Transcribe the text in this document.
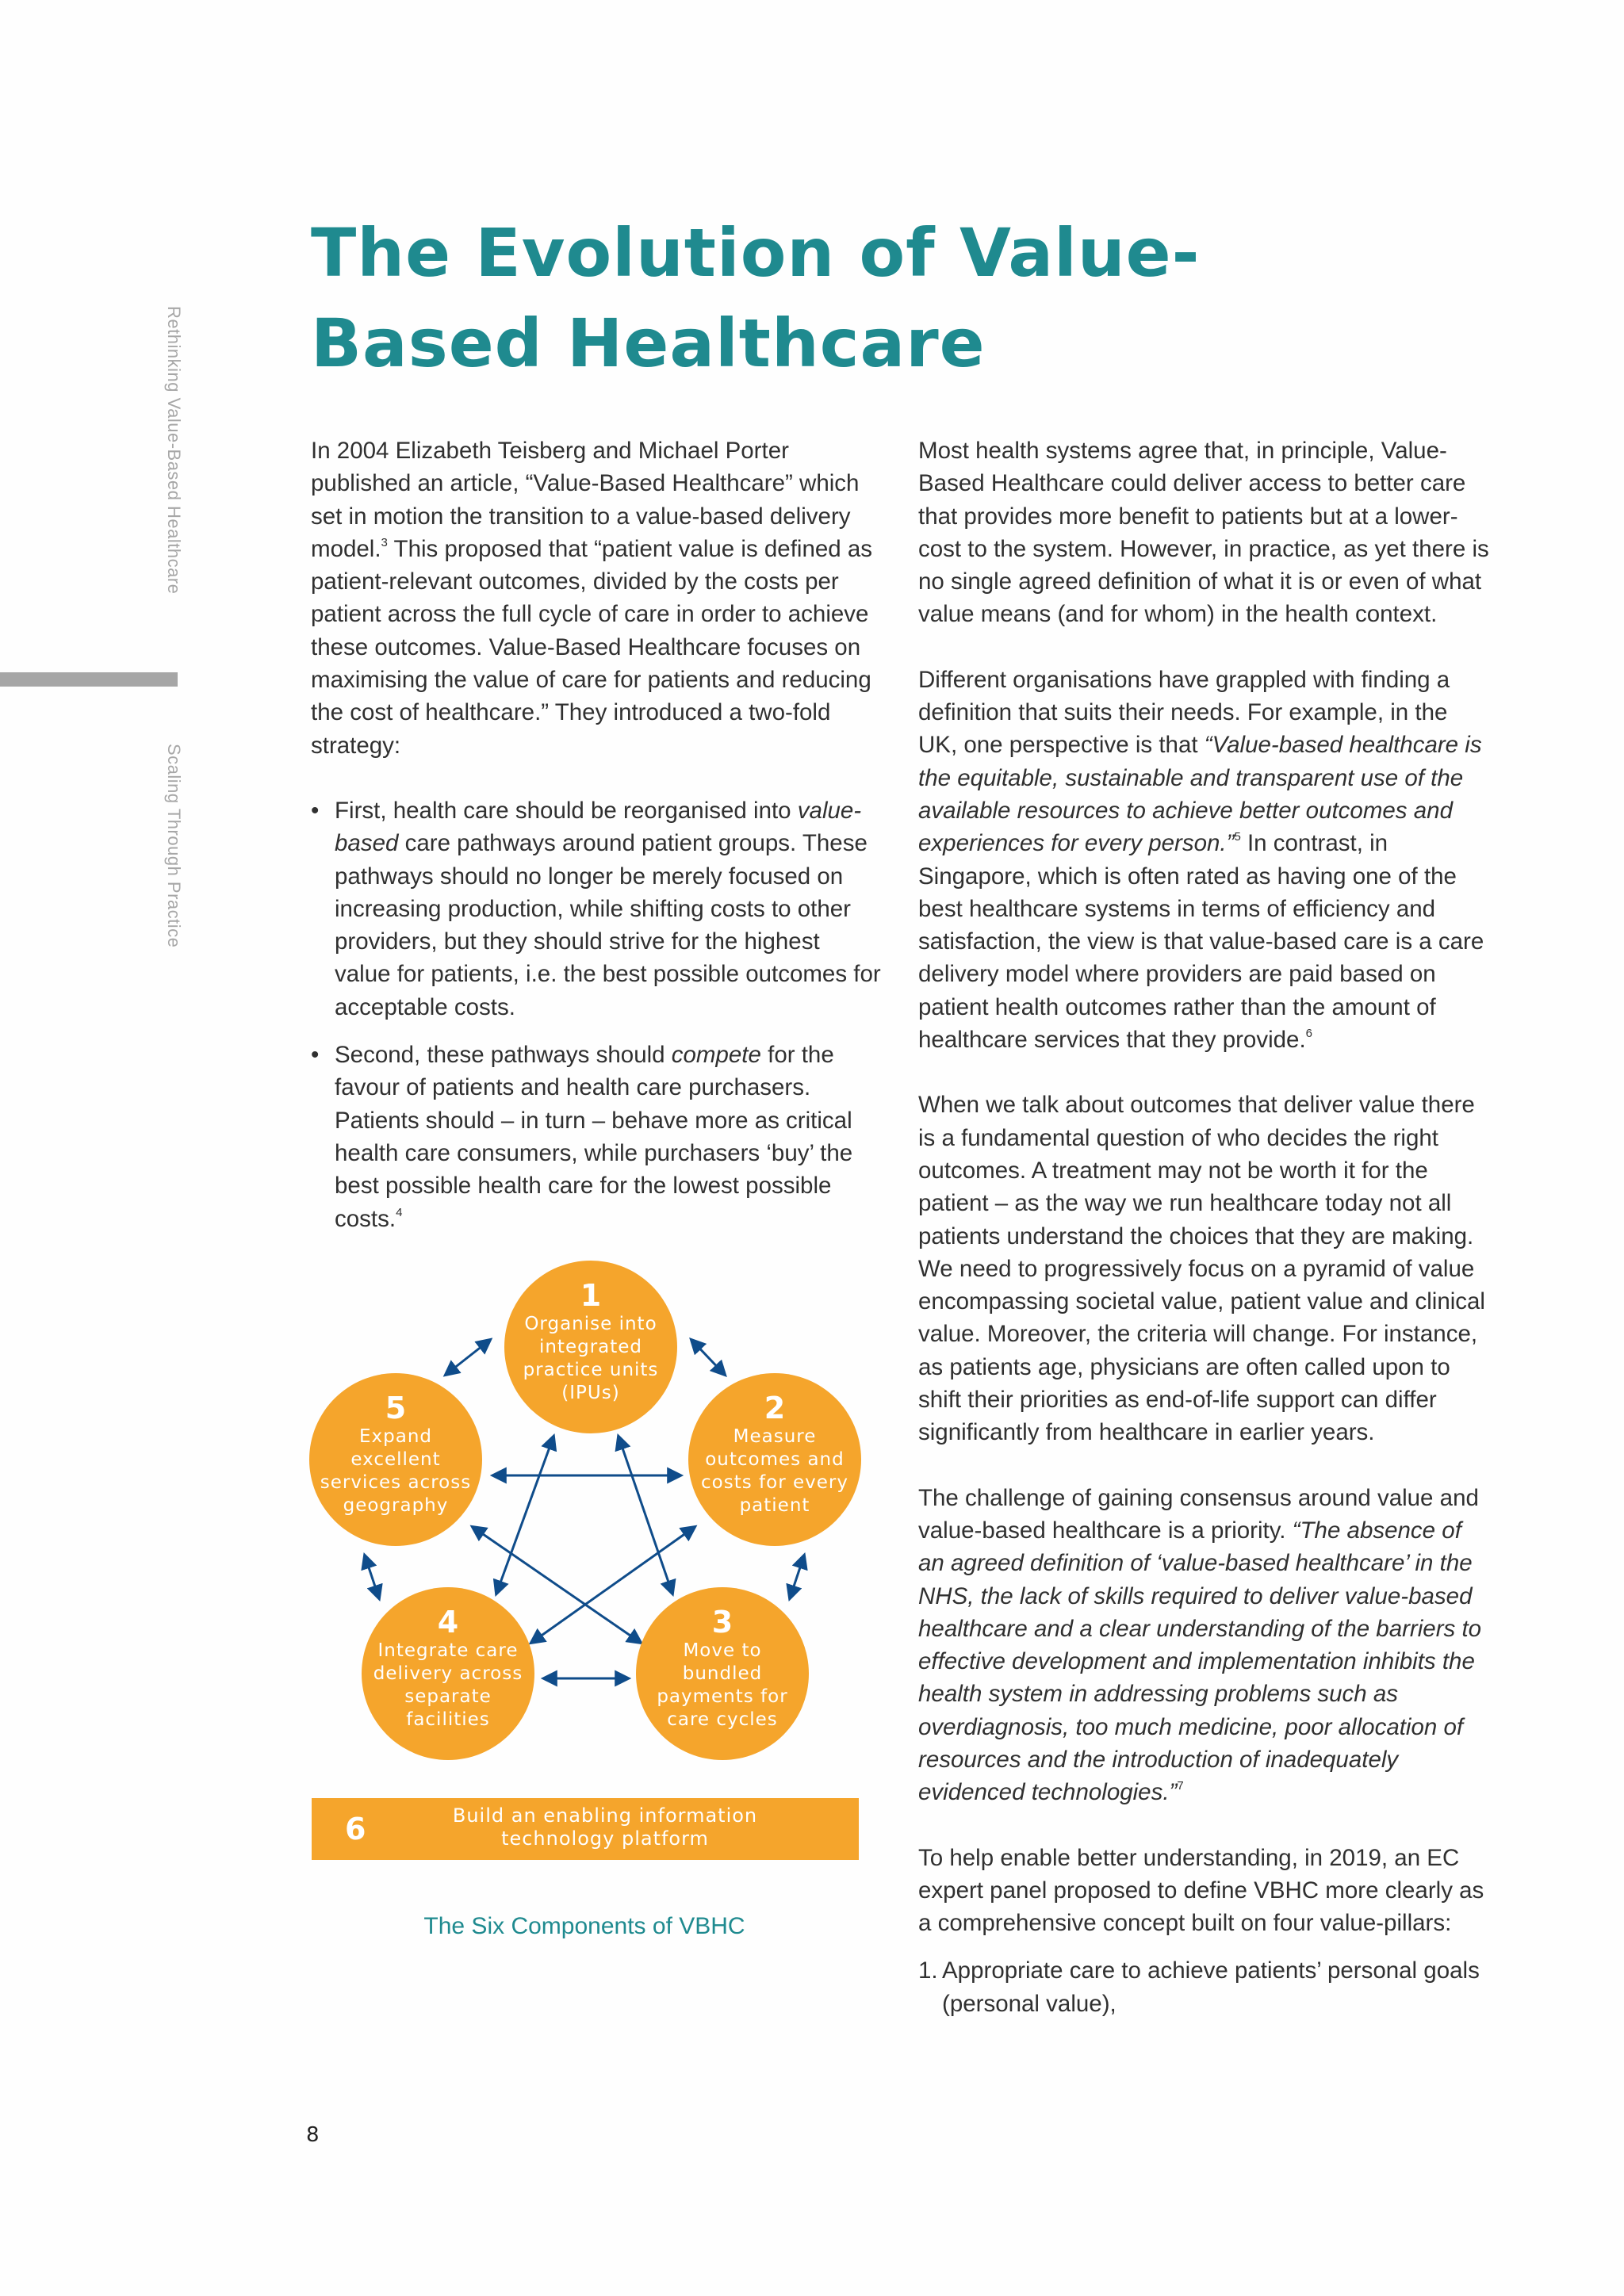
Rethinking Value-Based Healthcare
Scaling Through Practice
The Evolution of Value-Based Healthcare

In 2004 Elizabeth Teisberg and Michael Porter published an article, “Value-Based Healthcare” which set in motion the transition to a value-based delivery model.$^3$ This proposed that “patient value is defined as patient-relevant outcomes, divided by the costs per patient across the full cycle of care in order to achieve these outcomes. Value-Based Healthcare focuses on maximising the value of care for patients and reducing the cost of healthcare.” They introduced a two-fold strategy:

• First, health care should be reorganised into value-based care pathways around patient groups. These pathways should no longer be merely focused on increasing production, while shifting costs to other providers, but they should strive for the highest value for patients, i.e. the best possible outcomes for acceptable costs.

• Second, these pathways should compete for the favour of patients and health care purchasers. Patients should – in turn – behave more as critical health care consumers, while purchasers ‘buy’ the best possible health care for the lowest possible costs.$^4$

1
Organise into integrated practice units (IPUs)	2
Measure outcomes and costs for every patient
5
Expand excellent services across geography
4
Integrate care delivery across separate facilities
3
Move to bundled payments for care cycles
6	Build an enabling information technology platform
The Six Components of VBHC

Most health systems agree that, in principle, Value-Based Healthcare could deliver access to better care that provides more benefit to patients but at a lower-cost to the system. However, in practice, as yet there is no single agreed definition of what it is or even of what value means (and for whom) in the health context.

Different organisations have grappled with finding a definition that suits their needs. For example, in the UK, one perspective is that “Value-based healthcare is the equitable, sustainable and transparent use of the available resources to achieve better outcomes and experiences for every person.”$^5$ In contrast, in Singapore, which is often rated as having one of the best healthcare systems in terms of efficiency and satisfaction, the view is that value-based care is a care delivery model where providers are paid based on patient health outcomes rather than the amount of healthcare services that they provide.$^6$

When we talk about outcomes that deliver value there is a fundamental question of who decides the right outcomes. A treatment may not be worth it for the patient – as the way we run healthcare today not all patients understand the choices that they are making. We need to progressively focus on a pyramid of value encompassing societal value, patient value and clinical value. Moreover, the criteria will change. For instance, as patients age, physicians are often called upon to shift their priorities as end-of-life support can differ significantly from healthcare in earlier years.

The challenge of gaining consensus around value and value-based healthcare is a priority. “The absence of an agreed definition of ‘value-based healthcare’ in the NHS, the lack of skills required to deliver value-based healthcare and a clear understanding of the barriers to effective development and implementation inhibits the health system in addressing problems such as overdiagnosis, too much medicine, poor allocation of resources and the introduction of inadequately evidenced technologies.”$^7$

To help enable better understanding, in 2019, an EC expert panel proposed to define VBHC more clearly as a comprehensive concept built on four value-pillars:

1. Appropriate care to achieve patients’ personal goals (personal value),

8
